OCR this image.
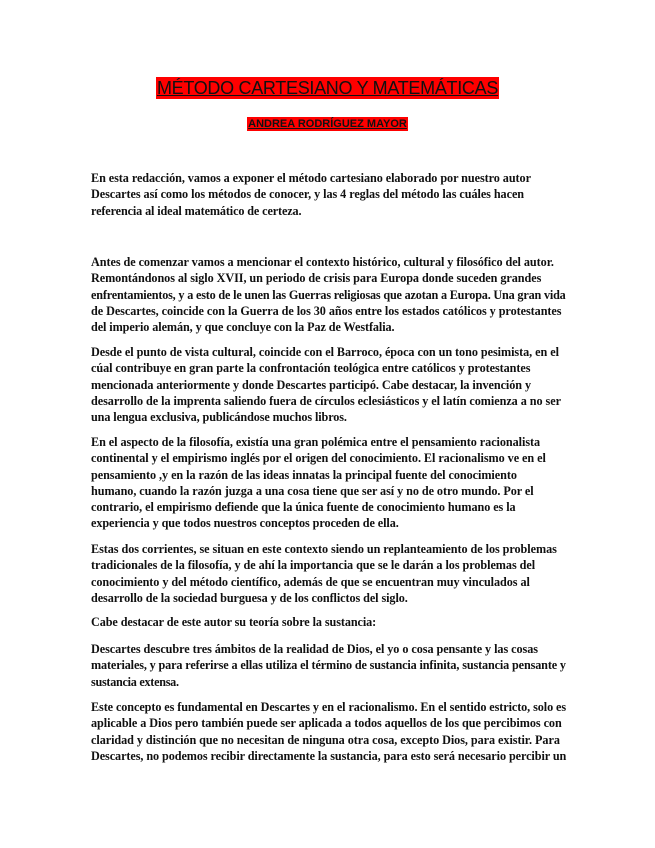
MÉTODO CARTESIANO Y MATEMÁTICAS
ANDREA RODRÍGUEZ MAYOR
En esta redacción, vamos a exponer el método cartesiano elaborado por nuestro autor
Descartes así como los métodos de conocer, y las 4 reglas del método las cuáles hacen
referencia al ideal matemático de certeza.
Antes de comenzar vamos a mencionar el contexto histórico, cultural y filosófico del autor.
Remontándonos al siglo XVII, un periodo de crisis para Europa donde suceden grandes
enfrentamientos, y a esto de le unen las Guerras religiosas que azotan a Europa. Una gran vida
de Descartes, coincide con la Guerra de los 30 años entre los estados católicos y protestantes
del imperio alemán, y que concluye con la Paz de Westfalia.
Desde el punto de vista cultural, coincide con el Barroco, época con un tono pesimista, en el
cúal contribuye en gran parte la confrontación teológica entre católicos y protestantes
mencionada anteriormente y donde Descartes participó. Cabe destacar, la invención y
desarrollo de la imprenta saliendo fuera de círculos eclesiásticos y el latín comienza a no ser
una lengua exclusiva, publicándose muchos libros.
En el aspecto de la filosofía, existía una gran polémica entre el pensamiento racionalista
continental y el empirismo inglés por el origen del conocimiento. El racionalismo ve en el
pensamiento ,y en la razón de las ideas innatas la principal fuente del conocimiento
humano, cuando la razón juzga a una cosa tiene que ser así y no de otro mundo. Por el
contrario, el empirismo defiende que la única fuente de conocimiento humano es la
experiencia y que todos nuestros conceptos proceden de ella.
Estas dos corrientes, se situan en este contexto siendo un replanteamiento de los problemas
tradicionales de la filosofía, y de ahí la importancia que se le darán a los problemas del
conocimiento y del método científico, además de que se encuentran muy vinculados al
desarrollo de la sociedad burguesa y de los conflictos del siglo.
Cabe destacar de este autor su teoría sobre la sustancia:
Descartes descubre tres ámbitos de la realidad de Dios, el yo o cosa pensante y las cosas
materiales, y para referirse a ellas utiliza el término de sustancia infinita, sustancia pensante y
sustancia extensa.
Este concepto es fundamental en Descartes y en el racionalismo. En el sentido estricto, solo es
aplicable a Dios pero también puede ser aplicada a todos aquellos de los que percibimos con
claridad y distinción que no necesitan de ninguna otra cosa, excepto Dios, para existir. Para
Descartes, no podemos recibir directamente la sustancia, para esto será necesario percibir un
